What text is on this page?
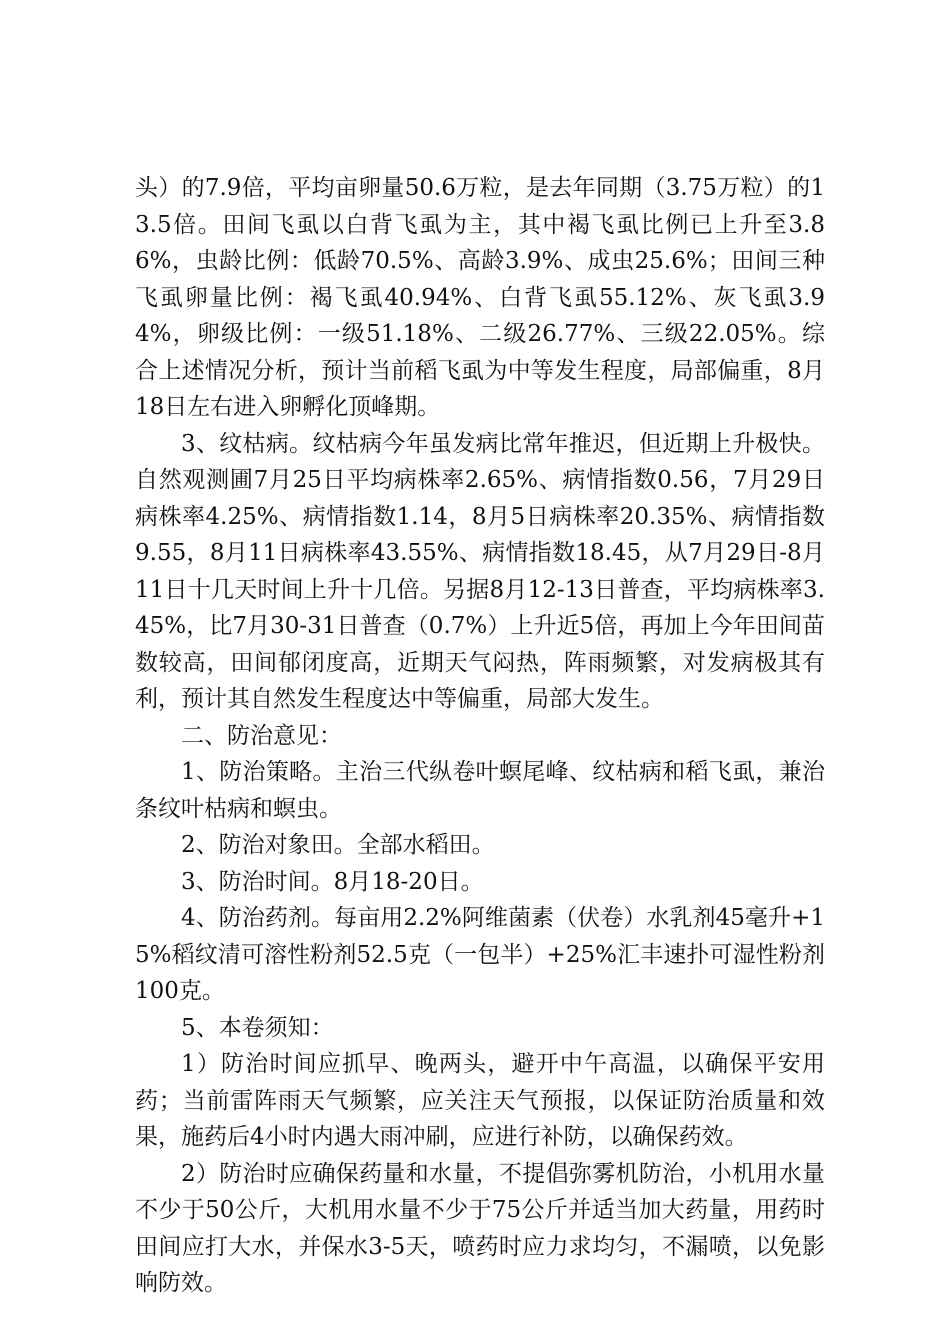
头）的7.9倍，平均亩卵量50.6万粒，是去年同期（3.75万粒）的13.5倍。田间飞虱以白背飞虱为主，其中褐飞虱比例已上升至3.86%，虫龄比例：低龄70.5%、高龄3.9%、成虫25.6%；田间三种飞虱卵量比例：褐飞虱40.94%、白背飞虱55.12%、灰飞虱3.94%，卵级比例：一级51.18%、二级26.77%、三级22.05%。综合上述情况分析，预计当前稻飞虱为中等发生程度，局部偏重，8月18日左右进入卵孵化顶峰期。

3、纹枯病。纹枯病今年虽发病比常年推迟，但近期上升极快。自然观测圃7月25日平均病株率2.65%、病情指数0.56，7月29日病株率4.25%、病情指数1.14，8月5日病株率20.35%、病情指数9.55，8月11日病株率43.55%、病情指数18.45，从7月29日-8月11日十几天时间上升十几倍。另据8月12-13日普查，平均病株率3.45%，比7月30-31日普查（0.7%）上升近5倍，再加上今年田间苗数较高，田间郁闭度高，近期天气闷热，阵雨频繁，对发病极其有利，预计其自然发生程度达中等偏重，局部大发生。

二、防治意见：

1、防治策略。主治三代纵卷叶螟尾峰、纹枯病和稻飞虱，兼治条纹叶枯病和螟虫。

2、防治对象田。全部水稻田。

3、防治时间。8月18-20日。

4、防治药剂。每亩用2.2%阿维菌素（伏卷）水乳剂45毫升+15%稻纹清可溶性粉剂52.5克（一包半）+25%汇丰速扑可湿性粉剂100克。

5、本卷须知：

1）防治时间应抓早、晚两头，避开中午高温，以确保平安用药；当前雷阵雨天气频繁，应关注天气预报，以保证防治质量和效果，施药后4小时内遇大雨冲刷，应进行补防，以确保药效。

2）防治时应确保药量和水量，不提倡弥雾机防治，小机用水量不少于50公斤，大机用水量不少于75公斤并适当加大药量，用药时田间应打大水，并保水3-5天，喷药时应力求均匀，不漏喷，以免影响防效。
